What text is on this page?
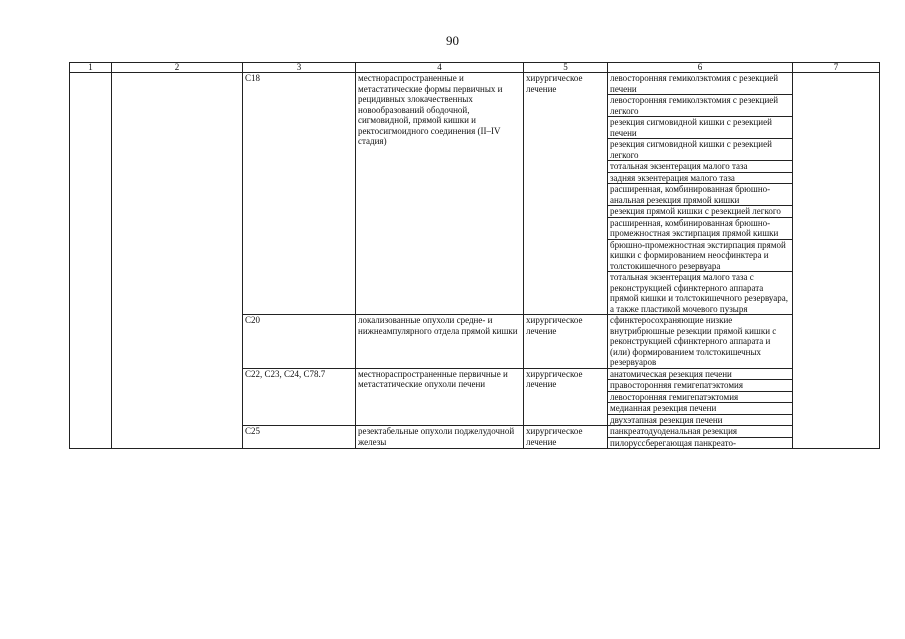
90
1	2	3	4	5	6	7
		C18	местнораспространенные и метастатические формы первичных и рецидивных злокачественных новообразований ободочной, сигмовидной, прямой кишки и ректосигмоидного соединения (II–IV стадия)	хирургическое лечение	левосторонняя гемиколэктомия с резекцией печени	
					левосторонняя гемиколэктомия с резекцией легкого	
					резекция сигмовидной кишки с резекцией печени	
					резекция сигмовидной кишки с резекцией легкого	
					тотальная экзентерация малого таза	
					задняя экзентерация малого таза	
					расширенная, комбинированная брюшно-анальная резекция прямой кишки	
					резекция прямой кишки с резекцией легкого	
					расширенная, комбинированная брюшно-промежностная экстирпация прямой кишки	
					брюшно-промежностная экстирпация прямой кишки с формированием неосфинктера и толстокишечного резервуара	
					тотальная экзентерация малого таза с реконструкцией сфинктерного аппарата прямой кишки и толстокишечного резервуара, а также пластикой мочевого пузыря	
		C20	локализованные опухоли средне- и нижнеампулярного отдела прямой кишки	хирургическое лечение	сфинктеросохраняющие низкие внутрибрюшные резекции прямой кишки с реконструкцией сфинктерного аппарата и (или) формированием толстокишечных резервуаров	
		C22, C23, C24, C78.7	местнораспространенные первичные и метастатические опухоли печени	хирургическое лечение	анатомическая резекция печени	
					правосторонняя гемигепатэктомия	
					левосторонняя гемигепатэктомия	
					медианная резекция печени	
					двухэтапная резекция печени	
		C25	резектабельные опухоли поджелудочной железы	хирургическое лечение	панкреатодуоденальная резекция	
					пилоруссберегающая панкреато-	
